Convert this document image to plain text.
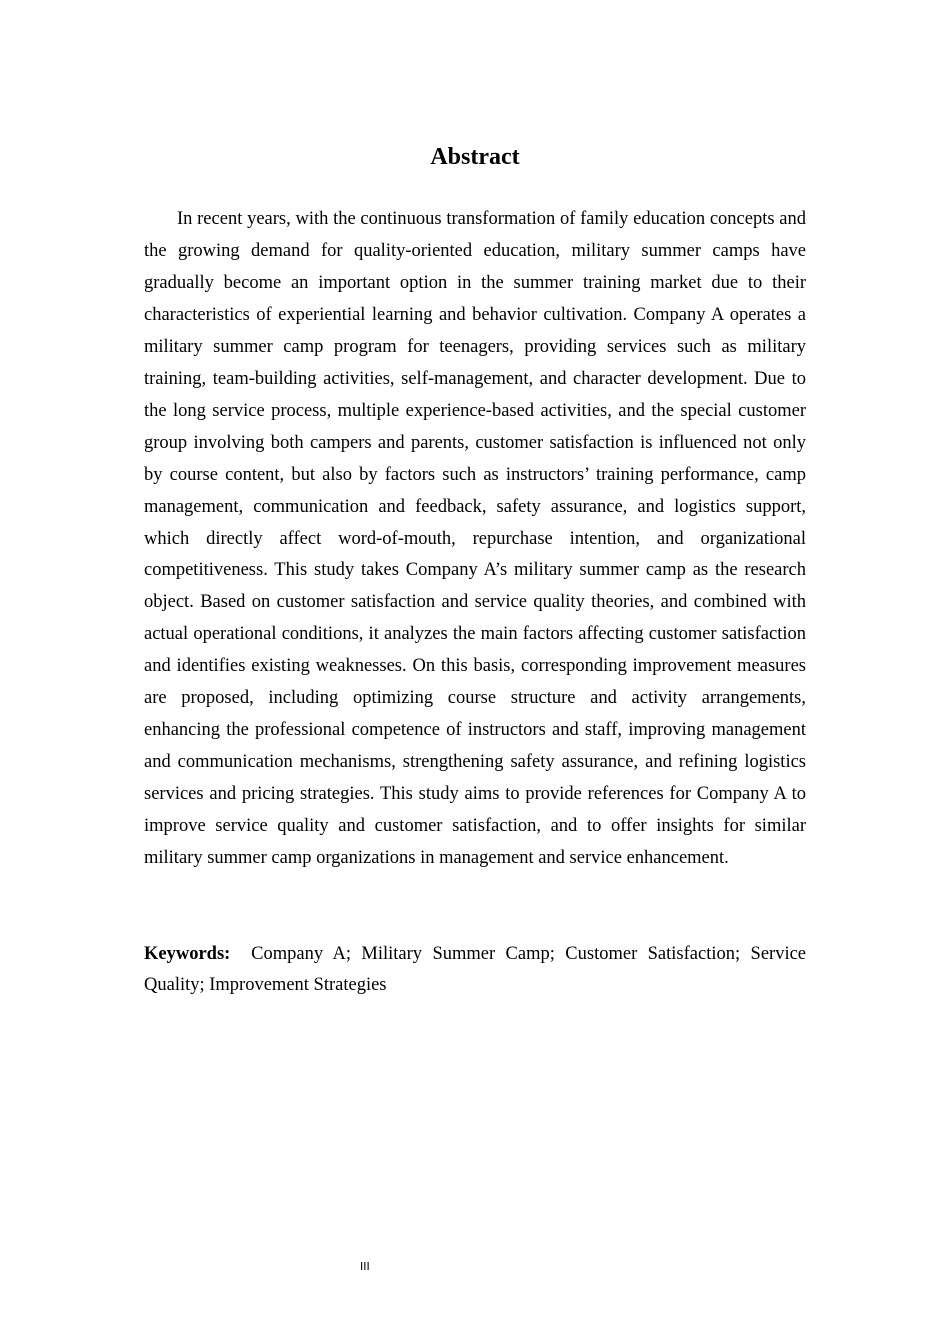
Abstract

In recent years, with the continuous transformation of family education concepts and the growing demand for quality-oriented education, military summer camps have gradually become an important option in the summer training market due to their characteristics of experiential learning and behavior cultivation. Company A operates a military summer camp program for teenagers, providing services such as military training, team-building activities, self-management, and character development. Due to the long service process, multiple experience-based activities, and the special customer group involving both campers and parents, customer satisfaction is influenced not only by course content, but also by factors such as instructors’ training performance, camp management, communication and feedback, safety assurance, and logistics support, which directly affect word-of-mouth, repurchase intention, and organizational competitiveness. This study takes Company A’s military summer camp as the research object. Based on customer satisfaction and service quality theories, and combined with actual operational conditions, it analyzes the main factors affecting customer satisfaction and identifies existing weaknesses. On this basis, corresponding improvement measures are proposed, including optimizing course structure and activity arrangements, enhancing the professional competence of instructors and staff, improving management and communication mechanisms, strengthening safety assurance, and refining logistics services and pricing strategies. This study aims to provide references for Company A to improve service quality and customer satisfaction, and to offer insights for similar military summer camp organizations in management and service enhancement.

Keywords: Company A; Military Summer Camp; Customer Satisfaction; Service Quality; Improvement Strategies

III
